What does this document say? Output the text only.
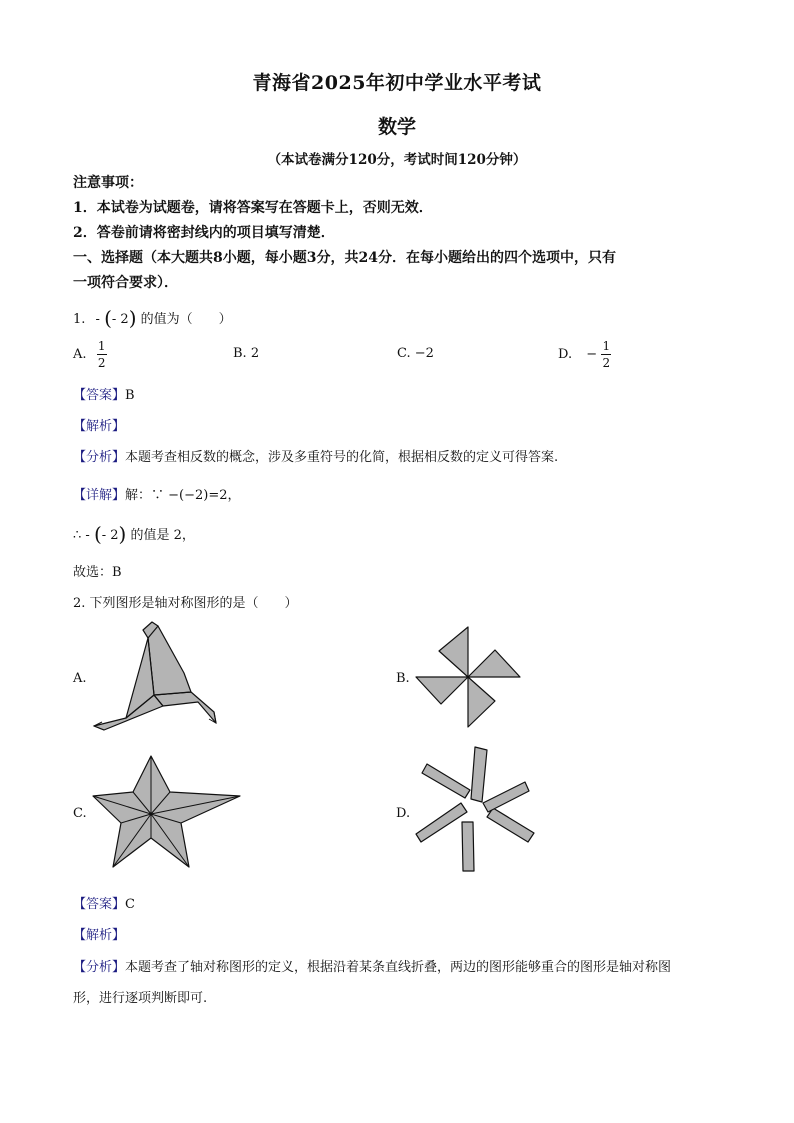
青海省2025年初中学业水平考试
数学
（本试卷满分120分，考试时间120分钟）
注意事项：
1．本试卷为试题卷，请将答案写在答题卡上，否则无效．
2．答卷前请将密封线内的项目填写清楚．
一、选择题（本大题共8小题，每小题3分，共24分．在每小题给出的四个选项中，只有
一项符合要求）．
1. - (- 2) 的值为（　　）
A. $\frac{1}{2}$	B. 2	C. −2	D. − $\frac{1}{2}$
【答案】B
【解析】
【分析】本题考查相反数的概念，涉及多重符号的化简，根据相反数的定义可得答案.
【详解】解：∵ −(−2)=2，
∴ - (- 2) 的值是 2，
故选：B
2. 下列图形是轴对称图形的是（　　）
A.	B.
C.	D.
【答案】C
【解析】
【分析】本题考查了轴对称图形的定义，根据沿着某条直线折叠，两边的图形能够重合的图形是轴对称图
形，进行逐项判断即可.
